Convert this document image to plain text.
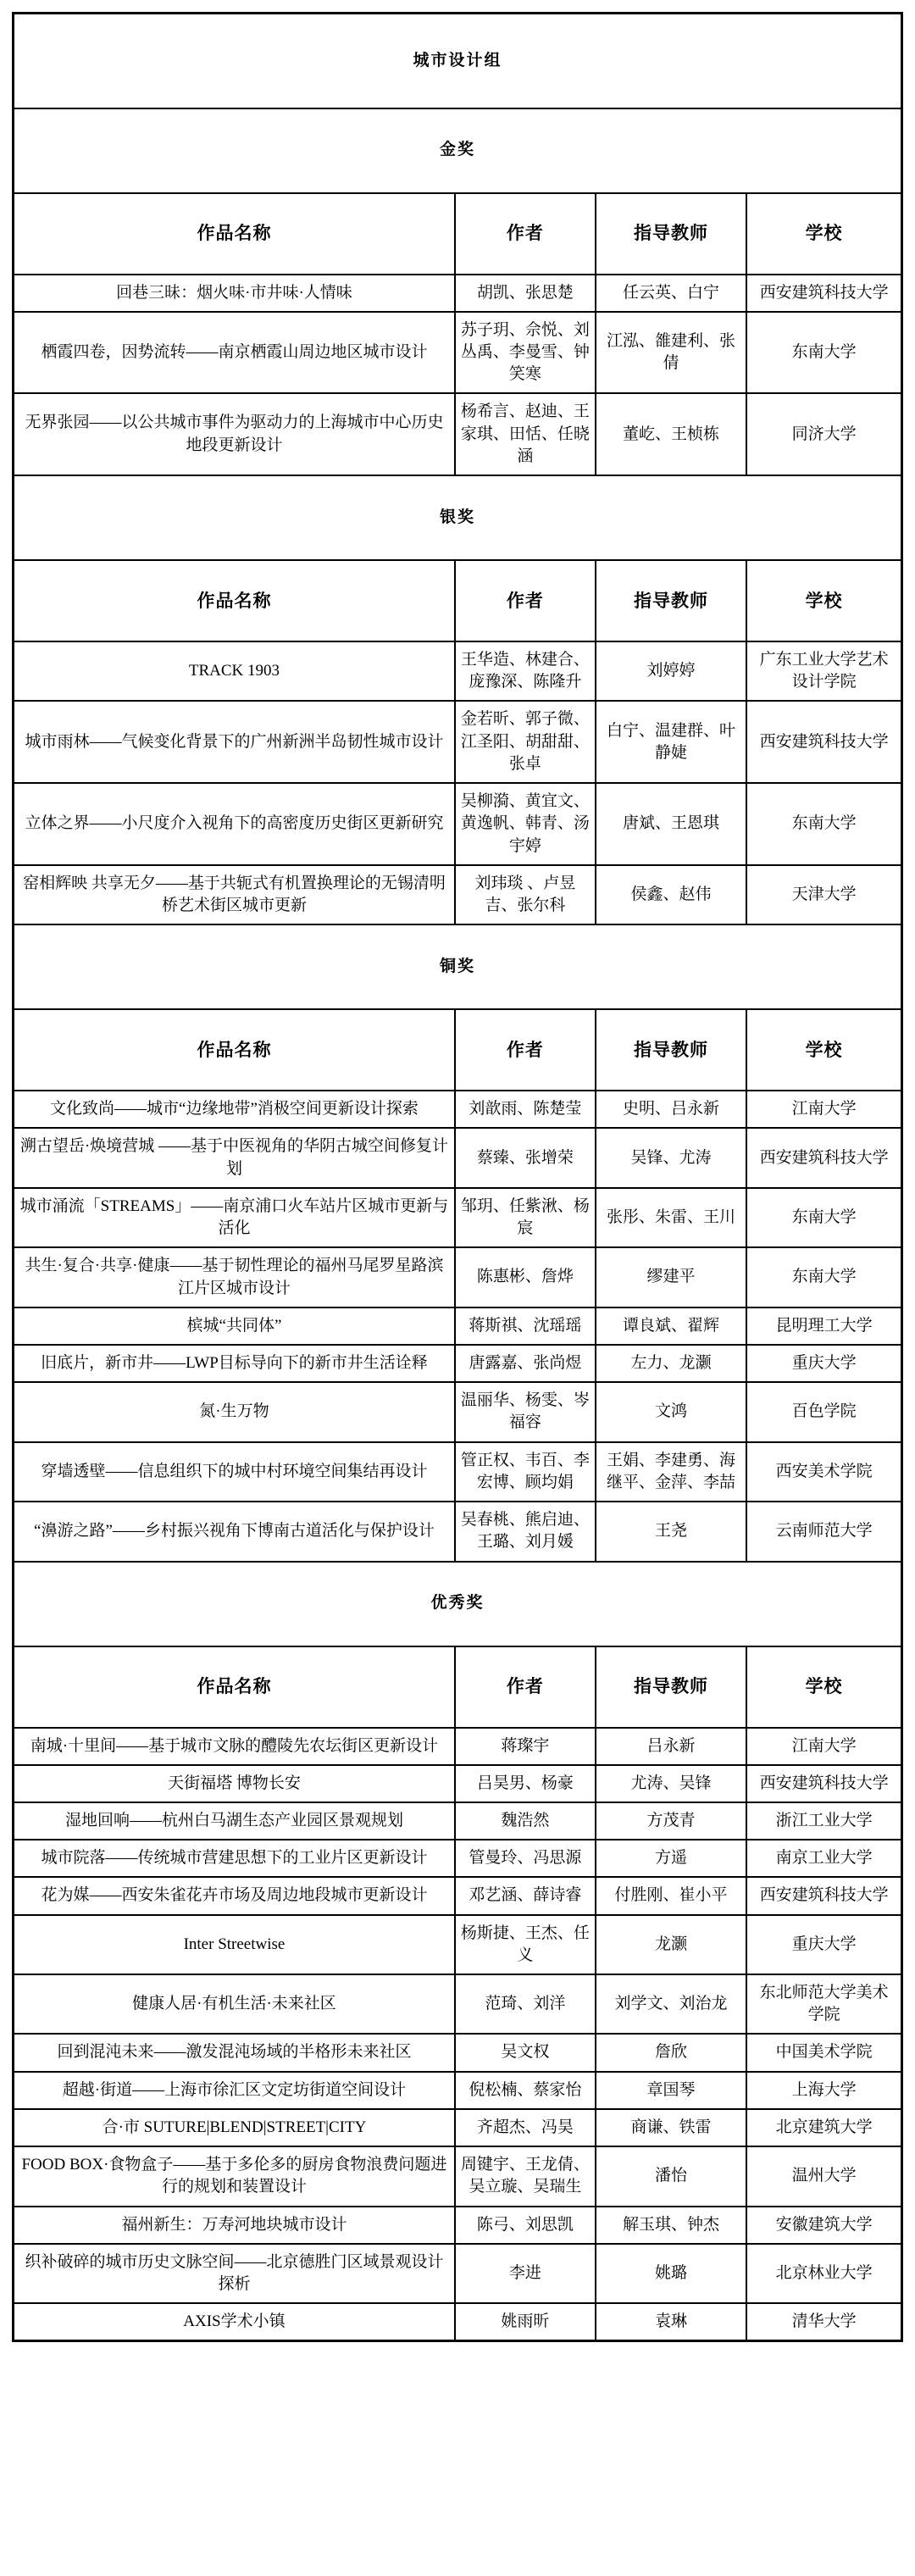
城市设计组			
金奖			
作品名称	作者	指导教师	学校
回巷三昧：烟火味·市井味·人情味	胡凯、张思楚	任云英、白宁	西安建筑科技大学
栖霞四卷，因势流转——南京栖霞山周边地区城市设计	苏子玥、佘悦、刘丛禹、李曼雪、钟笑寒	江泓、雒建利、张倩	东南大学
无界张园——以公共城市事件为驱动力的上海城市中心历史地段更新设计	杨希言、赵迪、王家琪、田恬、任晓涵	董屹、王桢栋	同济大学
银奖			
作品名称	作者	指导教师	学校
TRACK 1903	王华造、林建合、庞豫深、陈隆升	刘婷婷	广东工业大学艺术设计学院
城市雨林——气候变化背景下的广州新洲半岛韧性城市设计	金若昕、郭子微、江圣阳、胡甜甜、张卓	白宁、温建群、叶静婕	西安建筑科技大学
立体之界——小尺度介入视角下的高密度历史街区更新研究	吴柳漪、黄宜文、黄逸帆、韩青、汤宇婷	唐斌、王恩琪	东南大学
窑相辉映 共享无夕——基于共轭式有机置换理论的无锡清明桥艺术街区城市更新	刘玮琰 、卢昱吉、张尔科	侯鑫、赵伟	天津大学
铜奖			
作品名称	作者	指导教师	学校
文化致尚——城市“边缘地带”消极空间更新设计探索	刘歆雨、陈楚莹	史明、吕永新	江南大学
溯古望岳·焕境营城 ——基于中医视角的华阴古城空间修复计划	蔡臻、张增荣	吴锋、尤涛	西安建筑科技大学
城市涌流「STREAMS」——南京浦口火车站片区城市更新与活化	邹玥、任紫湫、杨宸	张彤、朱雷、王川	东南大学
共生·复合·共享·健康——基于韧性理论的福州马尾罗星路滨江片区城市设计	陈惠彬、詹烨	缪建平	东南大学
槟城“共同体”	蒋斯祺、沈瑶瑶	谭良斌、翟辉	昆明理工大学
旧底片，新市井——LWP目标导向下的新市井生活诠释	唐露嘉、张尚煜	左力、龙灏	重庆大学
氮·生万物	温丽华、杨雯、岑福容	文鸿	百色学院
穿墙透壁——信息组织下的城中村环境空间集结再设计	管正权、韦百、李宏博、顾均娟	王娟、李建勇、海继平、金萍、李喆	西安美术学院
“濞游之路”——乡村振兴视角下博南古道活化与保护设计	吴春桃、熊启迪、王璐、刘月媛	王尧	云南师范大学
优秀奖			
作品名称	作者	指导教师	学校
南城·十里间——基于城市文脉的醴陵先农坛街区更新设计	蒋璨宇	吕永新	江南大学
天街福塔 博物长安	吕昊男、杨豪	尤涛、吴锋	西安建筑科技大学
湿地回响——杭州白马湖生态产业园区景观规划	魏浩然	方茂青	浙江工业大学
城市院落——传统城市营建思想下的工业片区更新设计	管曼玲、冯思源	方遥	南京工业大学
花为媒——西安朱雀花卉市场及周边地段城市更新设计	邓艺涵、薛诗睿	付胜刚、崔小平	西安建筑科技大学
Inter Streetwise	杨斯捷、王杰、任义	龙灏	重庆大学
健康人居·有机生活·未来社区	范琦、刘洋	刘学文、刘治龙	东北师范大学美术学院
回到混沌未来——激发混沌场域的半格形未来社区	吴文权	詹欣	中国美术学院
超越·街道——上海市徐汇区文定坊街道空间设计	倪松楠、蔡家怡	章国琴	上海大学
合·市 SUTURE|BLEND|STREET|CITY	齐超杰、冯昊	商谦、铁雷	北京建筑大学
FOOD BOX·食物盒子——基于多伦多的厨房食物浪费问题进行的规划和装置设计	周键宇、王龙倩、吴立璇、吴瑞生	潘怡	温州大学
福州新生：万寿河地块城市设计	陈弓、刘思凯	解玉琪、钟杰	安徽建筑大学
织补破碎的城市历史文脉空间——北京德胜门区域景观设计探析	李进	姚璐	北京林业大学
AXIS学术小镇	姚雨昕	袁琳	清华大学
